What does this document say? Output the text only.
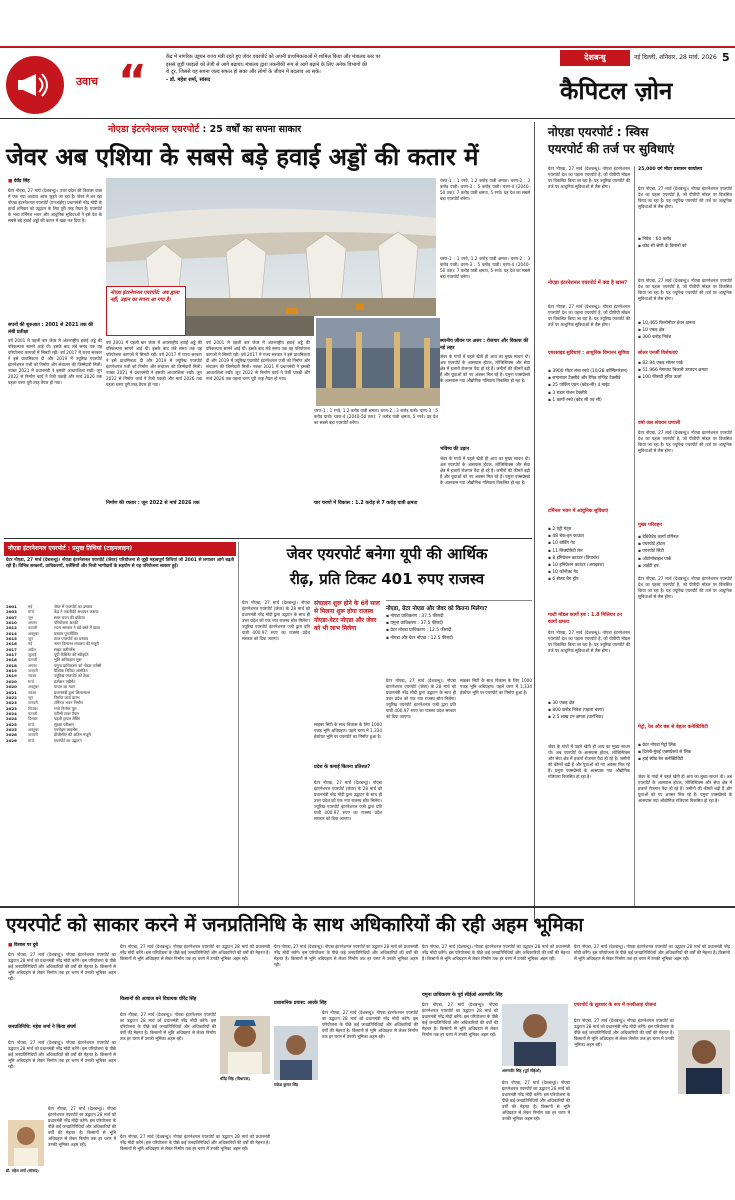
देशबन्धु	नई दिल्ली, शनिवार, 28 मार्च, 2026 5
उवाच “	केंद्र में नागरिक उड्डयन राज्य मंत्री रहते हुए जेवर एयरपोर्ट को अपनी प्राथमिकताओं में शामिल किया और मंत्रालय स्तर पर
इससे जुड़ी फाइलों को तेजी से आगे बढ़ाया। मंत्रालय द्वारा तकनीकी रूप से आगे बढ़ाने के लिए अनेक विभागों की
रो दूर, जिससे यह सपना जल्द सफल हो सका और लोगों के जीवन में बदलाव आ सके।
- डॉ. महेश शर्मा, सांसद	कैपिटल ज़ोन
नोएडा इंटरनेशनल एयरपोर्ट : 25 वर्षों का सपना साकार
जेवर अब एशिया के सबसे बड़े हवाई अड्डों की कतार में
■ देवेंद्र सिंह
ग्रेटर नोएडा, 27 मार्च (देशबन्धु)। उत्तर प्रदेश की विकास यात्रा में एक नया अध्याय आज जुड़ने जा रहा है। जेवर में बन रहा नोएडा इंटरनेशनल एयरपोर्ट (एनआईए) प्रधानमंत्री नरेंद्र मोदी के हाथों शनिवार को उद्घाटन के लिए पूरी तरह तैयार है। एयरपोर्ट के भव्य टर्मिनल भवन और आधुनिक सुविधाओं ने इसे देश के सबसे बड़े हवाई अड्डों की कतार में खड़ा कर दिया है।
सपनों की शुरुआत : 2001 से 2021 तक की लंबी प्रतीक्षा
वर्ष 2001 में पहली बार जेवर में अंतरराष्ट्रीय हवाई अड्डे की परिकल्पना सामने आई थी। इसके बाद लंबे समय तक यह परियोजना कागजों में सिमटी रही। वर्ष 2017 में राज्य सरकार ने इसे प्राथमिकता दी और 2019 में ज्यूरिख एयरपोर्ट इंटरनेशनल एजी को निर्माण और संचालन की जिम्मेदारी मिली। नवंबर 2021 में प्रधानमंत्री ने इसकी आधारशिला रखी। जून 2022 से निर्माण कार्य ने तेजी पकड़ी और मार्च 2026 तक पहला चरण पूरी तरह तैयार हो गया।
नोएडा इंटरनेशनल एयरपोर्ट: अब ह्वाला नहीं, उड़ान का सपना आ गया है।
वर्ष 2001 में पहली बार जेवर में अंतरराष्ट्रीय हवाई अड्डे की परिकल्पना सामने आई थी। इसके बाद लंबे समय तक यह परियोजना कागजों में सिमटी रही। वर्ष 2017 में राज्य सरकार ने इसे प्राथमिकता दी और 2019 में ज्यूरिख एयरपोर्ट इंटरनेशनल एजी को निर्माण और संचालन की जिम्मेदारी मिली। नवंबर 2021 में प्रधानमंत्री ने इसकी आधारशिला रखी। जून 2022 से निर्माण कार्य ने तेजी पकड़ी और मार्च 2026 तक पहला चरण पूरी तरह तैयार हो गया।
निर्माण की रफ्तार : जून 2022 से मार्च 2026 तक
वर्ष 2001 में पहली बार जेवर में अंतरराष्ट्रीय हवाई अड्डे की परिकल्पना सामने आई थी। इसके बाद लंबे समय तक यह परियोजना कागजों में सिमटी रही। वर्ष 2017 में राज्य सरकार ने इसे प्राथमिकता दी और 2019 में ज्यूरिख एयरपोर्ट इंटरनेशनल एजी को निर्माण और संचालन की जिम्मेदारी मिली। नवंबर 2021 में प्रधानमंत्री ने इसकी आधारशिला रखी। जून 2022 से निर्माण कार्य ने तेजी पकड़ी और मार्च 2026 तक पहला चरण पूरी तरह तैयार हो गया।
चरण-1 : 1 रनवे, 1.2 करोड़ यात्री क्षमता। चरण-2 : 3 करोड़ यात्री। चरण-3 : 5 करोड़ यात्री। चरण-4 (2040-50 तक): 7 करोड़ यात्री क्षमता, 5 रनवे। यह देश का सबसे बड़ा एयरपोर्ट बनेगा।
चार चरणों में विकास : 1.2 करोड़ से 7 करोड़ यात्री क्षमता
चरण-1 : 1 रनवे, 1.2 करोड़ यात्री क्षमता। चरण-2 : 3 करोड़ यात्री। चरण-3 : 5 करोड़ यात्री। चरण-4 (2040-50 तक): 7 करोड़ यात्री क्षमता, 5 रनवे। यह देश का सबसे बड़ा एयरपोर्ट बनेगा।
स्थानीय जीवन पर असर : रोजगार और विकास की नई लहर
जेवर के गांवों में पहले खेती ही आय का मुख्य साधन थी। अब एयरपोर्ट के आसपास होटल, लॉजिस्टिक्स और सेवा क्षेत्र में हजारों रोजगार पैदा हो रहे हैं। जमीनों की कीमतें बढ़ी हैं और युवाओं को नए अवसर मिल रहे हैं। यमुना एक्सप्रेसवे के आसपास नया औद्योगिक गलियारा विकसित हो रहा है।
भविष्य की उड़ान
जेवर के गांवों में पहले खेती ही आय का मुख्य साधन थी। अब एयरपोर्ट के आसपास होटल, लॉजिस्टिक्स और सेवा क्षेत्र में हजारों रोजगार पैदा हो रहे हैं। जमीनों की कीमतें बढ़ी हैं और युवाओं को नए अवसर मिल रहे हैं। यमुना एक्सप्रेसवे के आसपास नया औद्योगिक गलियारा विकसित हो रहा है।
चरण-1 : 1 रनवे, 1.2 करोड़ यात्री क्षमता। चरण-2 : 3 करोड़ यात्री। चरण-3 : 5 करोड़ यात्री। चरण-4 (2040-50 तक): 7 करोड़ यात्री क्षमता, 5 रनवे। यह देश का सबसे बड़ा एयरपोर्ट बनेगा।
नोएडा एयरपोर्ट : स्विस
एयरपोर्ट की तर्ज पर सुविधाएं
ग्रेटर नोएडा, 27 मार्च (देशबन्धु)। नोएडा इंटरनेशनल एयरपोर्ट देश का पहला एयरपोर्ट है, जो पीपीपी मॉडल पर विकसित किया जा रहा है। यह ज्यूरिख एयरपोर्ट की तर्ज पर आधुनिक सुविधाओं से लैस होगा।
नोएडा इंटरनेशनल एयरपोर्ट में क्या है खास?
ग्रेटर नोएडा, 27 मार्च (देशबन्धु)। नोएडा इंटरनेशनल एयरपोर्ट देश का पहला एयरपोर्ट है, जो पीपीपी मॉडल पर विकसित किया जा रहा है। यह ज्यूरिख एयरपोर्ट की तर्ज पर आधुनिक सुविधाओं से लैस होगा।
एयरसाइड सुविधाएं : आधुनिक विमानन सुविधा
▪ 3900 मीटर लंबा रनवे (10/28 कॉन्फिगरेशन)
▪ समानांतर टैक्सीवे और रैपिड एग्जिट टैक्सीवे
▪ 25 पार्किंग एप्रन (कोड-सी) 4 नाईट
▪ 3 राडार रोशन टैक्सीवे
▪ 1 कार्गो रनवे (कोड सी एवं सी)
टर्मिनल भवन में आधुनिक सुविधाएं
▪ 2 एंट्री गेट्स
▪ 48 चेक-इन काउंटर
▪ 10 बोर्डिंग गेट
▪ 11 सिक्योरिटी लेन
▪ 8 इमिग्रेशन काउंटर (डिपार्चर)
▪ 10 इमिग्रेशन काउंटर (अराइवल)
▪ 10 कॉन्टैक्ट गेट
▪ 6 सेल्फ बैग ड्रॉप
मल्टी मॉडल कार्गो हब : 1.8 मिलियन टन कार्गो क्षमता
ग्रेटर नोएडा, 27 मार्च (देशबन्धु)। नोएडा इंटरनेशनल एयरपोर्ट देश का पहला एयरपोर्ट है, जो पीपीपी मॉडल पर विकसित किया जा रहा है। यह ज्यूरिख एयरपोर्ट की तर्ज पर आधुनिक सुविधाओं से लैस होगा।
▪ 30 एकड़ क्षेत्र
▪ 800 करोड़ निवेश (पहला चरण)
▪ 2.5 लाख टन क्षमता (प्रारंभिक)
जेवर के गांवों में पहले खेती ही आय का मुख्य साधन थी। अब एयरपोर्ट के आसपास होटल, लॉजिस्टिक्स और सेवा क्षेत्र में हजारों रोजगार पैदा हो रहे हैं। जमीनों की कीमतें बढ़ी हैं और युवाओं को नए अवसर मिल रहे हैं। यमुना एक्सप्रेसवे के आसपास नया औद्योगिक गलियारा विकसित हो रहा है।
25,000 वर्ग मीटर प्रशासन कार्यालय
ग्रेटर नोएडा, 27 मार्च (देशबन्धु)। नोएडा इंटरनेशनल एयरपोर्ट देश का पहला एयरपोर्ट है, जो पीपीपी मॉडल पर विकसित किया जा रहा है। यह ज्यूरिख एयरपोर्ट की तर्ज पर आधुनिक सुविधाओं से लैस होगा।
▪ निवेश : 60 करोड़
▪ कोड सी श्रेणी के विमानों को
ग्रेटर नोएडा, 27 मार्च (देशबन्धु)। नोएडा इंटरनेशनल एयरपोर्ट देश का पहला एयरपोर्ट है, जो पीपीपी मॉडल पर विकसित किया जा रहा है। यह ज्यूरिख एयरपोर्ट की तर्ज पर आधुनिक सुविधाओं से लैस होगा।
▪ 10,465 किलोमीटर ईंधन क्षमता
▪ 10 एकड़ क्षेत्र
▪ 300 करोड़ निवेश
सोलर एनर्जी विशेषताएं
▪ 82.94 एकड़ सोलर पार्क
▪ 51.966 मेगावाट बिजली उत्पादन क्षमता
▪ 100 फीसदी हरित ऊर्जा
वर्षा जल संचयन प्रणाली
ग्रेटर नोएडा, 27 मार्च (देशबन्धु)। नोएडा इंटरनेशनल एयरपोर्ट देश का पहला एयरपोर्ट है, जो पीपीपी मॉडल पर विकसित किया जा रहा है। यह ज्यूरिख एयरपोर्ट की तर्ज पर आधुनिक सुविधाओं से लैस होगा।
मुख्य परिवहन
▪ डेडिकेटेड कार्गो टर्मिनल
▪ एयरपोर्ट होटल
▪ एयरपोर्ट सिटी
▪ ऑटोमोबाइल पार्क
▪ आईटी हब
ग्रेटर नोएडा, 27 मार्च (देशबन्धु)। नोएडा इंटरनेशनल एयरपोर्ट देश का पहला एयरपोर्ट है, जो पीपीपी मॉडल पर विकसित किया जा रहा है। यह ज्यूरिख एयरपोर्ट की तर्ज पर आधुनिक सुविधाओं से लैस होगा।
मेट्रो, रेल और बस से बेहतर कनेक्टिविटी
▪ ग्रेटर नोएडा मेट्रो लिंक
▪ दिल्ली-मुंबई एक्सप्रेसवे से लिंक
▪ हाई स्पीड रेल कनेक्टिविटी
जेवर के गांवों में पहले खेती ही आय का मुख्य साधन थी। अब एयरपोर्ट के आसपास होटल, लॉजिस्टिक्स और सेवा क्षेत्र में हजारों रोजगार पैदा हो रहे हैं। जमीनों की कीमतें बढ़ी हैं और युवाओं को नए अवसर मिल रहे हैं। यमुना एक्सप्रेसवे के आसपास नया औद्योगिक गलियारा विकसित हो रहा है।
नोएडा इंटरनेशनल एयरपोर्ट : प्रमुख तिथियां (टाइमलाइन)
ग्रेटर नोएडा, 27 मार्च (देशबन्धु)। नोएडा इंटरनेशनल एयरपोर्ट (जेवर) परियोजना से जुड़ी महत्वपूर्ण तिथियां जो 2001 से लगातार आगे बढ़ती रही हैं। विभिन्न सरकारों, प्राधिकरणों, एजेंसियों और निजी भागीदारों के सहयोग से यह परियोजना साकार हुई।
2001	मई	जेवर में एयरपोर्ट का प्रस्ताव
2003	मार्च	केंद्र ने तकनीकी अध्ययन कराया
2007	जून	स्थल चयन की प्रक्रिया
2010	अगस्त	परियोजना अटकी
2012	फरवरी	राज्य सरकार ने ठंडे बस्ते में डाला
2014	अक्टूबर	प्रस्ताव पुनर्जीवित
2015	जून	ताज एयरपोर्ट का प्रस्ताव
2016	मई	नागर विमानन मंत्रालय की मंजूरी
2017	अप्रैल	साइट क्लीयरेंस
2017	जुलाई	यूपी कैबिनेट की स्वीकृति
2018	फरवरी	भूमि अधिग्रहण शुरू
2018	अगस्त	यमुना प्राधिकरण को नोडल एजेंसी
2019	जनवरी	वैश्विक निविदा आमंत्रित
2019	नवंबर	ज्यूरिख एयरपोर्ट को ठेका
2020	मार्च	कंसेशन एग्रीमेंट
2020	अक्टूबर	यापल का गठन
2021	नवंबर	प्रधानमंत्री द्वारा शिलान्यास
2022	जून	निर्माण कार्य प्रारंभ
2023	जनवरी	टर्मिनल भवन निर्माण
2023	सितंबर	रनवे निर्माण पूरा
2024	फरवरी	एटीसी टावर तैयार
2024	दिसंबर	पहली ट्रायल लैंडिंग
2025	मार्च	सुरक्षा परीक्षण
2025	अक्टूबर	एयरोड्रम लाइसेंस
2026	जनवरी	डीजीसीए की अंतिम मंजूरी
2026	मार्च	एयरपोर्ट का उद्घाटन
जेवर एयरपोर्ट बनेगा यूपी की आर्थिक
रीढ़, प्रति टिकट 401 रुपए राजस्व
ग्रेटर नोएडा, 27 मार्च (देशबन्धु)। नोएडा इंटरनेशनल एयरपोर्ट (जेवर) के 28 मार्च को प्रधानमंत्री नरेंद्र मोदी द्वारा उद्घाटन के साथ ही उत्तर प्रदेश को एक नया राजस्व स्रोत मिलेगा। ज्यूरिख एयरपोर्ट इंटरनेशनल एजी द्वारा प्रति यात्री 400.97 रुपए का राजस्व प्रदेश सरकार को दिया जाएगा।
संचालन शुरू होने के 6वें साल से मिलना शुरू होगा राजस्व नोएडा-वेटर नोएडा और जेवर को भी लाभ मिलेगा
साइबर सिटी के साथ विकास के लिए 1000 एकड़ भूमि अधिग्रहण। पहले चरण में 1,334 हेक्टेयर भूमि पर एयरपोर्ट का निर्माण हुआ है।
प्रदेश के कमाई कितना प्रतिशत?
ग्रेटर नोएडा, 27 मार्च (देशबन्धु)। नोएडा इंटरनेशनल एयरपोर्ट (जेवर) के 28 मार्च को प्रधानमंत्री नरेंद्र मोदी द्वारा उद्घाटन के साथ ही उत्तर प्रदेश को एक नया राजस्व स्रोत मिलेगा। ज्यूरिख एयरपोर्ट इंटरनेशनल एजी द्वारा प्रति यात्री 400.97 रुपए का राजस्व प्रदेश सरकार को दिया जाएगा।
नोएडा, ग्रेटर नोएडा और जेवर को कितना मिलेगा?
▪ नोएडा प्राधिकरण : 37.5 फीसदी
▪ यमुना प्राधिकरण : 37.5 फीसदी
▪ ग्रेटर नोएडा प्राधिकरण : 12.5 फीसदी
▪ नोएडा और ग्रेटर नोएडा : 12.5 फीसदी
ग्रेटर नोएडा, 27 मार्च (देशबन्धु)। नोएडा इंटरनेशनल एयरपोर्ट (जेवर) के 28 मार्च को प्रधानमंत्री नरेंद्र मोदी द्वारा उद्घाटन के साथ ही उत्तर प्रदेश को एक नया राजस्व स्रोत मिलेगा। ज्यूरिख एयरपोर्ट इंटरनेशनल एजी द्वारा प्रति यात्री 400.97 रुपए का राजस्व प्रदेश सरकार को दिया जाएगा।
साइबर सिटी के साथ विकास के लिए 1000 एकड़ भूमि अधिग्रहण। पहले चरण में 1,334 हेक्टेयर भूमि पर एयरपोर्ट का निर्माण हुआ है।
एयरपोर्ट को साकार करने में जनप्रतिनिधि के साथ अधिकारियों की रही अहम भूमिका
■ विशाल पर दुबे
ग्रेटर नोएडा, 27 मार्च (देशबन्धु)। नोएडा इंटरनेशनल एयरपोर्ट का उद्घाटन 28 मार्च को प्रधानमंत्री नरेंद्र मोदी करेंगे। इस परियोजना के पीछे कई जनप्रतिनिधियों और अधिकारियों की वर्षों की मेहनत है। किसानों से भूमि अधिग्रहण से लेकर निर्माण तक हर चरण में उनकी भूमिका अहम रही।
जनप्रतिनिधि: महेश शर्मा ने किया संघर्ष
ग्रेटर नोएडा, 27 मार्च (देशबन्धु)। नोएडा इंटरनेशनल एयरपोर्ट का उद्घाटन 28 मार्च को प्रधानमंत्री नरेंद्र मोदी करेंगे। इस परियोजना के पीछे कई जनप्रतिनिधियों और अधिकारियों की वर्षों की मेहनत है। किसानों से भूमि अधिग्रहण से लेकर निर्माण तक हर चरण में उनकी भूमिका अहम रही।
ग्रेटर नोएडा, 27 मार्च (देशबन्धु)। नोएडा इंटरनेशनल एयरपोर्ट का उद्घाटन 28 मार्च को प्रधानमंत्री नरेंद्र मोदी करेंगे। इस परियोजना के पीछे कई जनप्रतिनिधियों और अधिकारियों की वर्षों की मेहनत है। किसानों से भूमि अधिग्रहण से लेकर निर्माण तक हर चरण में उनकी भूमिका अहम रही।
डॉ. महेश शर्मा (सांसद)
ग्रेटर नोएडा, 27 मार्च (देशबन्धु)। नोएडा इंटरनेशनल एयरपोर्ट का उद्घाटन 28 मार्च को प्रधानमंत्री नरेंद्र मोदी करेंगे। इस परियोजना के पीछे कई जनप्रतिनिधियों और अधिकारियों की वर्षों की मेहनत है। किसानों से भूमि अधिग्रहण से लेकर निर्माण तक हर चरण में उनकी भूमिका अहम रही।
किसानों की आवाज बने विधायक धीरेंद्र सिंह
ग्रेटर नोएडा, 27 मार्च (देशबन्धु)। नोएडा इंटरनेशनल एयरपोर्ट का उद्घाटन 28 मार्च को प्रधानमंत्री नरेंद्र मोदी करेंगे। इस परियोजना के पीछे कई जनप्रतिनिधियों और अधिकारियों की वर्षों की मेहनत है। किसानों से भूमि अधिग्रहण से लेकर निर्माण तक हर चरण में उनकी भूमिका अहम रही।
धीरेंद्र सिंह (विधायक)
ग्रेटर नोएडा, 27 मार्च (देशबन्धु)। नोएडा इंटरनेशनल एयरपोर्ट का उद्घाटन 28 मार्च को प्रधानमंत्री नरेंद्र मोदी करेंगे। इस परियोजना के पीछे कई जनप्रतिनिधियों और अधिकारियों की वर्षों की मेहनत है। किसानों से भूमि अधिग्रहण से लेकर निर्माण तक हर चरण में उनकी भूमिका अहम रही।
ग्रेटर नोएडा, 27 मार्च (देशबन्धु)। नोएडा इंटरनेशनल एयरपोर्ट का उद्घाटन 28 मार्च को प्रधानमंत्री नरेंद्र मोदी करेंगे। इस परियोजना के पीछे कई जनप्रतिनिधियों और अधिकारियों की वर्षों की मेहनत है। किसानों से भूमि अधिग्रहण से लेकर निर्माण तक हर चरण में उनकी भूमिका अहम रही।
प्रशासनिक प्रयास: आरके सिंह
राकेश कुमार सिंह
ग्रेटर नोएडा, 27 मार्च (देशबन्धु)। नोएडा इंटरनेशनल एयरपोर्ट का उद्घाटन 28 मार्च को प्रधानमंत्री नरेंद्र मोदी करेंगे। इस परियोजना के पीछे कई जनप्रतिनिधियों और अधिकारियों की वर्षों की मेहनत है। किसानों से भूमि अधिग्रहण से लेकर निर्माण तक हर चरण में उनकी भूमिका अहम रही।
ग्रेटर नोएडा, 27 मार्च (देशबन्धु)। नोएडा इंटरनेशनल एयरपोर्ट का उद्घाटन 28 मार्च को प्रधानमंत्री नरेंद्र मोदी करेंगे। इस परियोजना के पीछे कई जनप्रतिनिधियों और अधिकारियों की वर्षों की मेहनत है। किसानों से भूमि अधिग्रहण से लेकर निर्माण तक हर चरण में उनकी भूमिका अहम रही।
यमुना प्राधिकरण के पूर्व सीईओ अरुणवीर सिंह
अरुणवीर सिंह (पूर्व सीईओ)
ग्रेटर नोएडा, 27 मार्च (देशबन्धु)। नोएडा इंटरनेशनल एयरपोर्ट का उद्घाटन 28 मार्च को प्रधानमंत्री नरेंद्र मोदी करेंगे। इस परियोजना के पीछे कई जनप्रतिनिधियों और अधिकारियों की वर्षों की मेहनत है। किसानों से भूमि अधिग्रहण से लेकर निर्माण तक हर चरण में उनकी भूमिका अहम रही।
ग्रेटर नोएडा, 27 मार्च (देशबन्धु)। नोएडा इंटरनेशनल एयरपोर्ट का उद्घाटन 28 मार्च को प्रधानमंत्री नरेंद्र मोदी करेंगे। इस परियोजना के पीछे कई जनप्रतिनिधियों और अधिकारियों की वर्षों की मेहनत है। किसानों से भूमि अधिग्रहण से लेकर निर्माण तक हर चरण में उनकी भूमिका अहम रही।
ग्रेटर नोएडा, 27 मार्च (देशबन्धु)। नोएडा इंटरनेशनल एयरपोर्ट का उद्घाटन 28 मार्च को प्रधानमंत्री नरेंद्र मोदी करेंगे। इस परियोजना के पीछे कई जनप्रतिनिधियों और अधिकारियों की वर्षों की मेहनत है। किसानों से भूमि अधिग्रहण से लेकर निर्माण तक हर चरण में उनकी भूमिका अहम रही।
एयरपोर्ट के सूत्रधार के रूप में एनवीआइ योजना
ग्रेटर नोएडा, 27 मार्च (देशबन्धु)। नोएडा इंटरनेशनल एयरपोर्ट का उद्घाटन 28 मार्च को प्रधानमंत्री नरेंद्र मोदी करेंगे। इस परियोजना के पीछे कई जनप्रतिनिधियों और अधिकारियों की वर्षों की मेहनत है। किसानों से भूमि अधिग्रहण से लेकर निर्माण तक हर चरण में उनकी भूमिका अहम रही।
